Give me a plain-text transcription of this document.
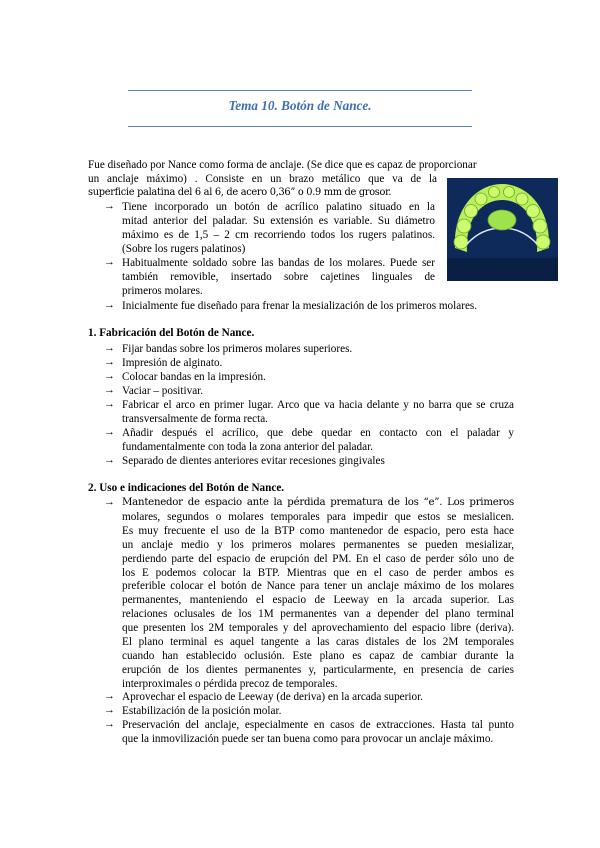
Tema 10. Botón de Nance.
Fue diseñado por Nance como forma de anclaje. (Se dice que es capaz de proporcionar
un anclaje máximo) . Consiste en un brazo metálico que va de la
superficie palatina del 6 al 6, de acero 0,36” o 0.9 mm de grosor.
→ Tiene incorporado un botón de acrílico palatino situado en la
mitad anterior del paladar. Su extensión es variable. Su diámetro
máximo es de 1,5 – 2 cm recorriendo todos los rugers palatinos.
(Sobre los rugers palatinos)
→ Habitualmente soldado sobre las bandas de los molares. Puede ser
también removible, insertado sobre cajetines linguales de
primeros molares.
→ Inicialmente fue diseñado para frenar la mesialización de los primeros molares.
1. Fabricación del Botón de Nance.
→ Fijar bandas sobre los primeros molares superiores.
→ Impresión de alginato.
→ Colocar bandas en la impresión.
→ Vaciar – positivar.
→ Fabricar el arco en primer lugar. Arco que va hacia delante y no barra que se cruza
transversalmente de forma recta.
→ Añadir después el acrílico, que debe quedar en contacto con el paladar y
fundamentalmente con toda la zona anterior del paladar.
→ Separado de dientes anteriores evitar recesiones gingivales
2. Uso e indicaciones del Botón de Nance.
→
→ Aprovechar el espacio de Leeway (de deriva) en la arcada superior.
→ Estabilización de la posición molar.
→ Preservación del anclaje, especialmente en casos de extracciones. Hasta tal punto
que la inmovilización puede ser tan buena como para provocar un anclaje máximo.
Mantenedor de espacio ante la pérdida prematura de los “e”. Los primeros
molares, segundos o molares temporales para impedir que estos se mesialicen.
Es muy frecuente el uso de la BTP como mantenedor de espacio, pero esta hace
un anclaje medio y los primeros molares permanentes se pueden mesializar,
perdiendo parte del espacio de erupción del PM. En el caso de perder sólo uno de
los E podemos colocar la BTP. Mientras que en el caso de perder ambos es
preferible colocar el botón de Nance para tener un anclaje máximo de los molares
permanentes, manteniendo el espacio de Leeway en la arcada superior. Las
relaciones oclusales de los 1M permanentes van a depender del plano terminal
que presenten los 2M temporales y del aprovechamiento del espacio libre (deriva).
El plano terminal es aquel tangente a las caras distales de los 2M temporales
cuando han establecido oclusión. Este plano es capaz de cambiar durante la
erupción de los dientes permanentes y, particularmente, en presencia de caries
interproximales o pérdida precoz de temporales.
